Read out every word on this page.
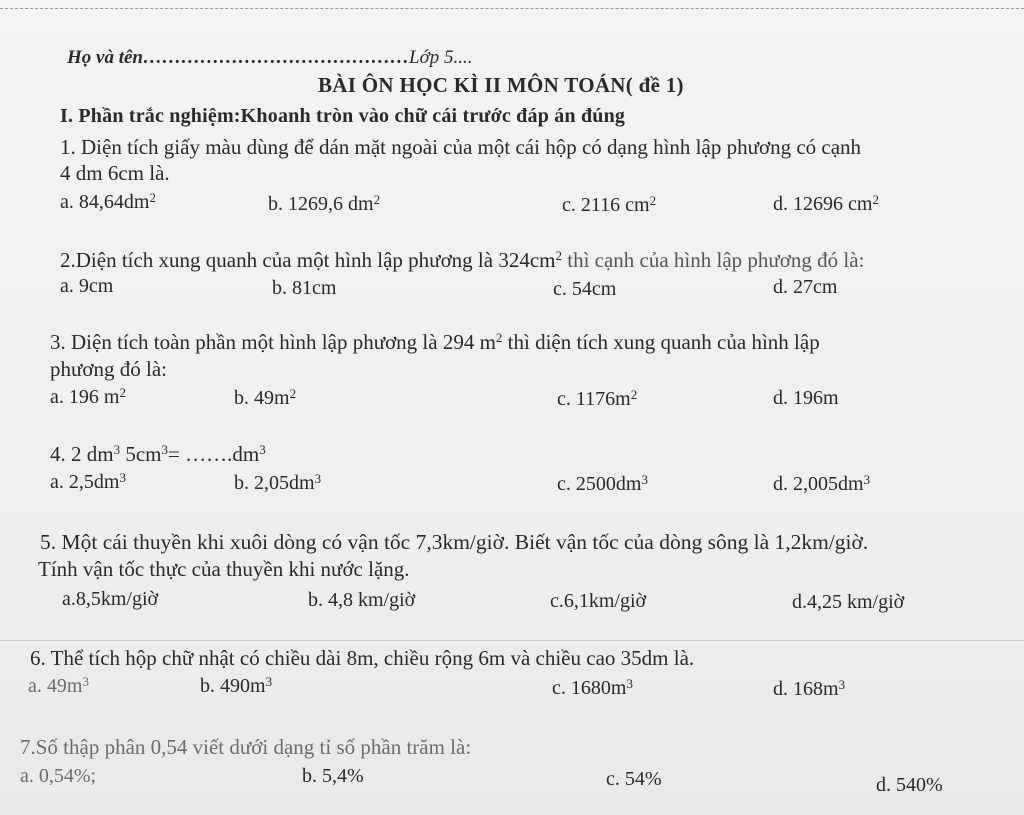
Họ và tên……………………………………Lớp 5....
BÀI ÔN HỌC KÌ II MÔN TOÁN( đề 1)
I. Phần trắc nghiệm:Khoanh tròn vào chữ cái trước đáp án đúng
1. Diện tích giấy màu dùng để dán mặt ngoài của một cái hộp có dạng hình lập phương có cạnh
4 dm 6cm là.
a. $84,64dm^2$	b. 1269,6 $dm^2$	c. 2116 $cm^2$	d. 12696 $cm^2$
2.Diện tích xung quanh của một hình lập phương là $324cm^2$ thì cạnh của hình lập phương đó là:
a. 9cm	b. 81cm	c. 54cm	d. 27cm
3. Diện tích toàn phần một hình lập phương là 294 $m^2$ thì diện tích xung quanh của hình lập
phương đó là:
a. 196 $m^2$	b. $49m^2$	c. $1176m^2$	d. 196m
4. 2 $dm^3$ $5cm^3=$ $\dots\dots.dm^3$
a. $2,5dm^3$	b. $2,05dm^3$	c. $2500dm^3$	d. $2,005dm^3$
5. Một cái thuyền khi xuôi dòng có vận tốc 7,3km/giờ. Biết vận tốc của dòng sông là 1,2km/giờ.
Tính vận tốc thực của thuyền khi nước lặng.
a.8,5km/giờ	b. 4,8 km/giờ	c.6,1km/giờ	d.4,25 km/giờ
6. Thể tích hộp chữ nhật có chiều dài 8m, chiều rộng 6m và chiều cao 35dm là.
a. $49m^3$	b. $490m^3$	c. $1680m^3$	d. $168m^3$
7.Số thập phân 0,54 viết dưới dạng tỉ số phần trăm là:
a. 0,54%;	b. 5,4%	c. 54%	d. 540%
